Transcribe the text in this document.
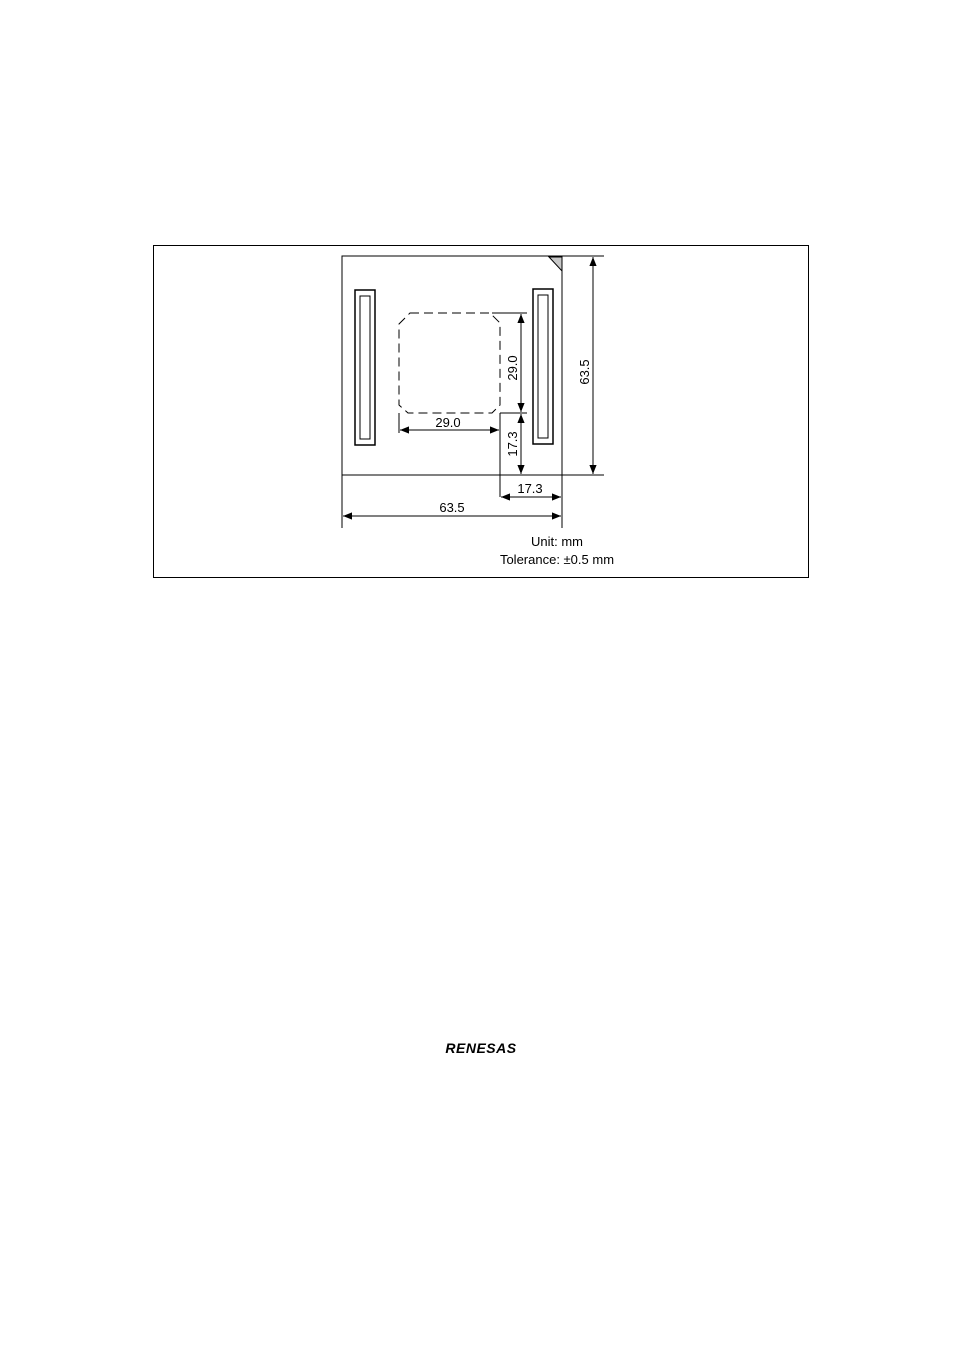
63.5
63.5
29.0
29.0
17.3
17.3
RENESAS
Unit: mm
Tolerance: ±0.5 mm
